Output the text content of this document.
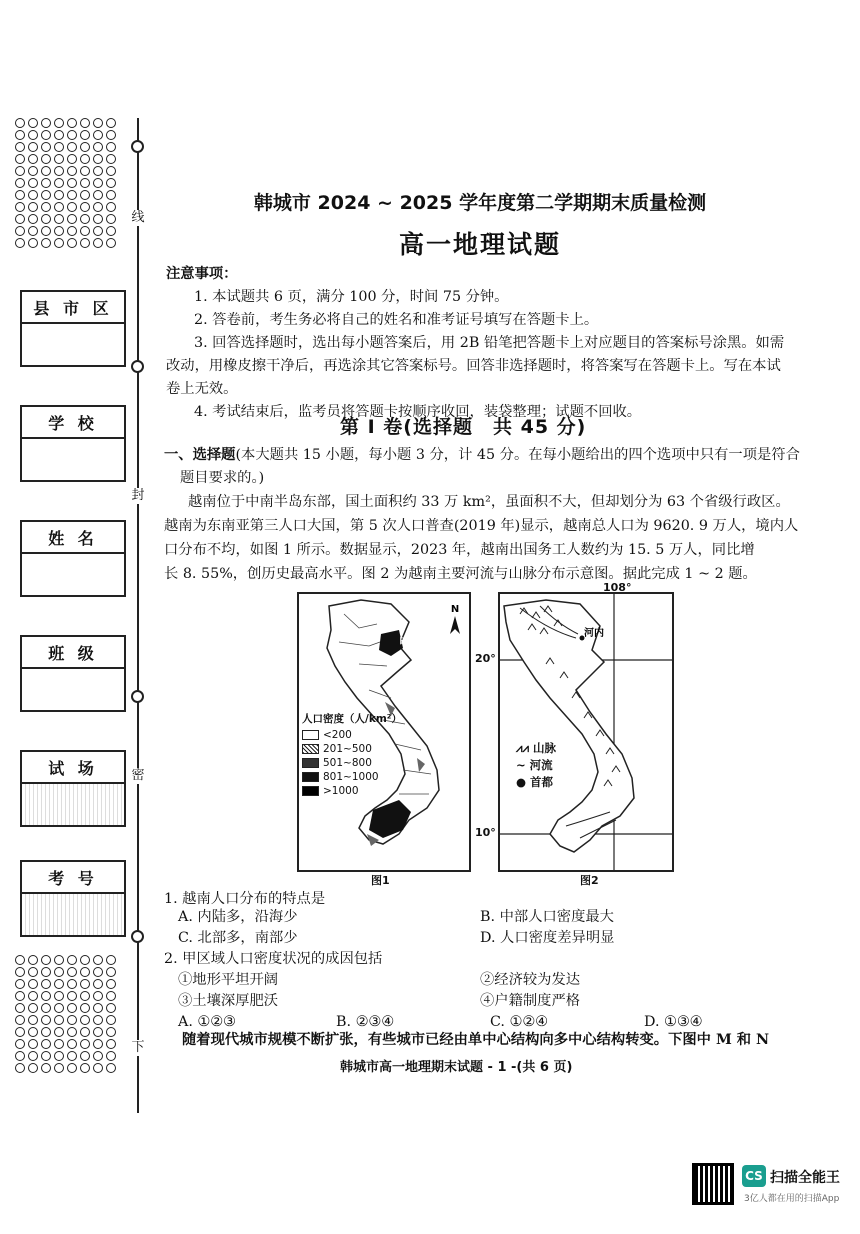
线
封
密
下
县 市 区
学 校
姓 名
班 级
试 场
考 号
韩城市 2024 ~ 2025 学年度第二学期期末质量检测
高一地理试题
注意事项：
1. 本试题共 6 页，满分 100 分，时间 75 分钟。
2. 答卷前，考生务必将自己的姓名和准考证号填写在答题卡上。
3. 回答选择题时，选出每小题答案后，用 2B 铅笔把答题卡上对应题目的答案标号涂黑。如需
改动，用橡皮擦干净后，再选涂其它答案标号。回答非选择题时，将答案写在答题卡上。写在本试
卷上无效。
4. 考试结束后，监考员将答题卡按顺序收回，装袋整理；试题不回收。
第 I 卷(选择题　共 45 分)
一、选择题(本大题共 15 小题，每小题 3 分，计 45 分。在每小题给出的四个选项中只有一项是符合
题目要求的。)
越南位于中南半岛东部，国土面积约 33 万 km²，虽面积不大，但却划分为 63 个省级行政区。
越南为东南亚第三人口大国，第 5 次人口普查(2019 年)显示，越南总人口为 9620. 9 万人，境内人
口分布不均，如图 1 所示。数据显示，2023 年，越南出国务工人数约为 15. 5 万人，同比增
长 8. 55%，创历史最高水平。图 2 为越南主要河流与山脉分布示意图。据此完成 1 ~ 2 题。
N
甲
人口密度（人/km²）
<200
201~500
501~800
801~1000
>1000
图1
河内
108°
20°
10°
⩘⩘ 山脉
∼ 河流
● 首都
图2
1. 越南人口分布的特点是
A. 内陆多，沿海少	B. 中部人口密度最大
C. 北部多，南部少	D. 人口密度差异明显
2. 甲区域人口密度状况的成因包括
①地形平坦开阔	②经济较为发达
③土壤深厚肥沃	④户籍制度严格
A. ①②③	B. ②③④	C. ①②④	D. ①③④
随着现代城市规模不断扩张，有些城市已经由单中心结构向多中心结构转变。下图中 M 和 N
韩城市高一地理期末试题 - 1 -(共 6 页)
CS 扫描全能王
3亿人都在用的扫描App
